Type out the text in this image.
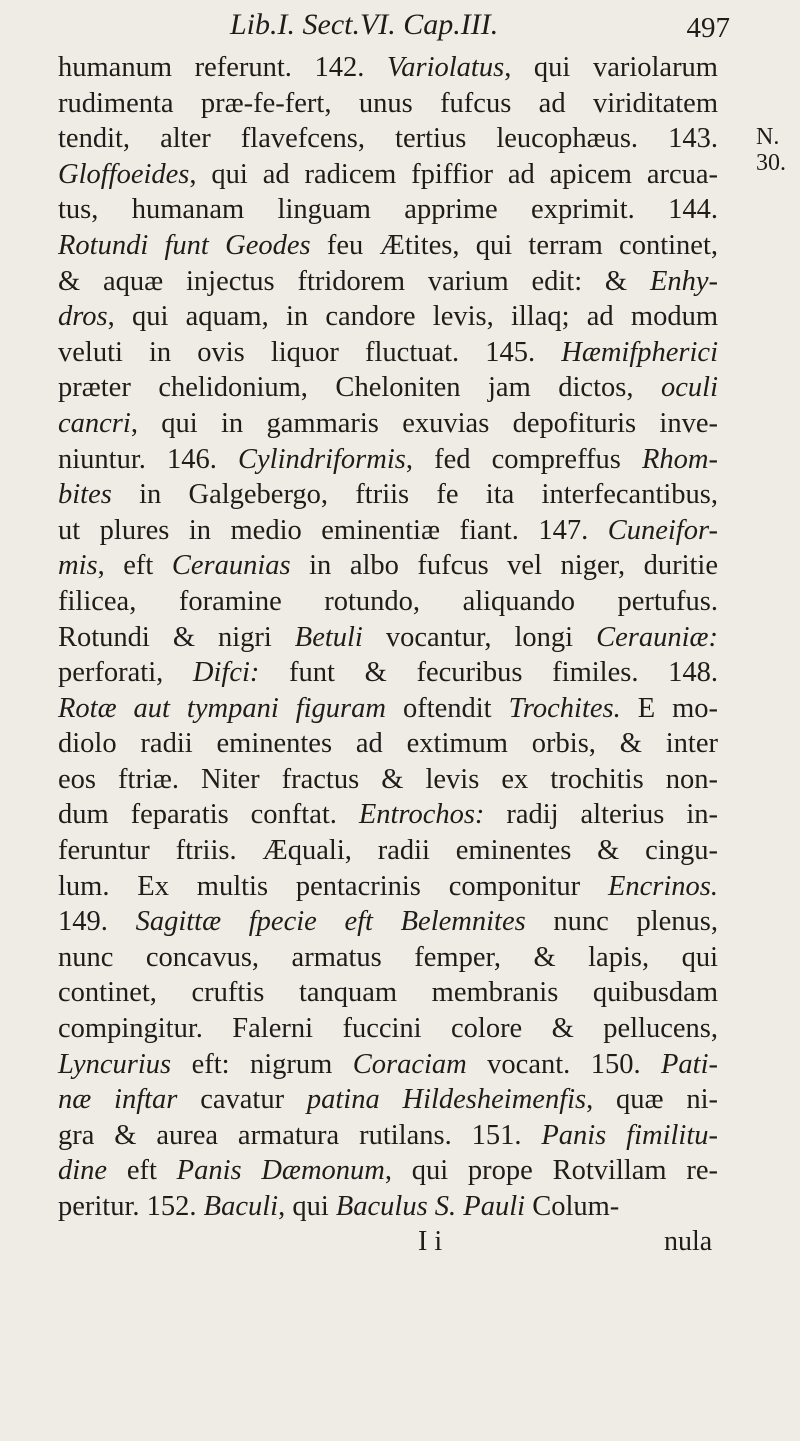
Lib.I. Sect.VI. Cap.III.	497
N.
30.
humanum referunt. 142. Variolatus, qui variolarum
rudimenta præ-fe-fert, unus fufcus ad viriditatem
tendit, alter flavefcens, tertius leucophæus. 143.
Gloffoeides, qui ad radicem fpiffior ad apicem arcua-
tus, humanam linguam apprime exprimit. 144.
Rotundi funt Geodes feu Ætites, qui terram continet,
& aquæ injectus ftridorem varium edit: & Enhy-
dros, qui aquam, in candore levis, illaq; ad modum
veluti in ovis liquor fluctuat. 145. Hæmifpherici
præter chelidonium, Cheloniten jam dictos, oculi
cancri, qui in gammaris exuvias depofituris inve-
niuntur. 146. Cylindriformis, fed compreffus Rhom-
bites in Galgebergo, ftriis fe ita interfecantibus,
ut plures in medio eminentiæ fiant. 147. Cuneifor-
mis, eft Ceraunias in albo fufcus vel niger, duritie
filicea, foramine rotundo, aliquando pertufus.
Rotundi & nigri Betuli vocantur, longi Cerauniæ:
perforati, Difci: funt & fecuribus fimiles. 148.
Rotæ aut tympani figuram oftendit Trochites. E mo-
diolo radii eminentes ad extimum orbis, & inter
eos ftriæ. Niter fractus & levis ex trochitis non-
dum feparatis conftat. Entrochos: radij alterius in-
feruntur ftriis. Æquali, radii eminentes & cingu-
lum. Ex multis pentacrinis componitur Encrinos.
149. Sagittæ fpecie eft Belemnites nunc plenus,
nunc concavus, armatus femper, & lapis, qui
continet, cruftis tanquam membranis quibusdam
compingitur. Falerni fuccini colore & pellucens,
Lyncurius eft: nigrum Coraciam vocant. 150. Pati-
næ inftar cavatur patina Hildesheimenfis, quæ ni-
gra & aurea armatura rutilans. 151. Panis fimilitu-
dine eft Panis Dæmonum, qui prope Rotvillam re-
peritur. 152. Baculi, qui Baculus S. Pauli Colum-
I i	nula
